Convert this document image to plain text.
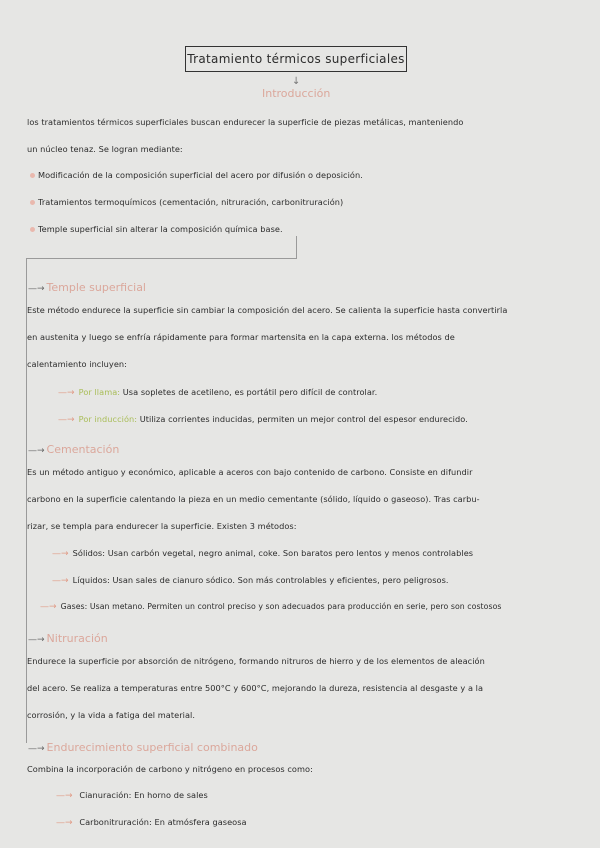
Tratamiento térmicos superficiales
↓
Introducción
los tratamientos térmicos superficiales buscan endurecer la superficie de piezas metálicas, manteniendo
un núcleo tenaz. Se logran mediante:
Modificación de la composición superficial del acero por difusión o deposición.
Tratamientos termoquímicos (cementación, nitruración, carbonitruración)
Temple superficial sin alterar la composición química base.
—→ Temple superficial
Este método endurece la superficie sin cambiar la composición del acero. Se calienta la superficie hasta convertirla
en austenita y luego se enfría rápidamente para formar martensita en la capa externa. los métodos de
calentamiento incluyen:
—→ Por llama: Usa sopletes de acetileno, es portátil pero difícil de controlar.
—→ Por inducción: Utiliza corrientes inducidas, permiten un mejor control del espesor endurecido.
—→ Cementación
Es un método antiguo y económico, aplicable a aceros con bajo contenido de carbono. Consiste en difundir
carbono en la superficie calentando la pieza en un medio cementante (sólido, líquido o gaseoso). Tras carbu-
rizar, se templa para endurecer la superficie. Existen 3 métodos:
—→ Sólidos: Usan carbón vegetal, negro animal, coke. Son baratos pero lentos y menos controlables
—→ Líquidos: Usan sales de cianuro sódico. Son más controlables y eficientes, pero peligrosos.
—→ Gases: Usan metano. Permiten un control preciso y son adecuados para producción en serie, pero son costosos
—→ Nitruración
Endurece la superficie por absorción de nitrógeno, formando nitruros de hierro y de los elementos de aleación
del acero. Se realiza a temperaturas entre 500°C y 600°C, mejorando la dureza, resistencia al desgaste y a la
corrosión, y la vida a fatiga del material.
—→ Endurecimiento superficial combinado
Combina la incorporación de carbono y nitrógeno en procesos como:
—→ Cianuración: En horno de sales
—→ Carbonitruración: En atmósfera gaseosa
